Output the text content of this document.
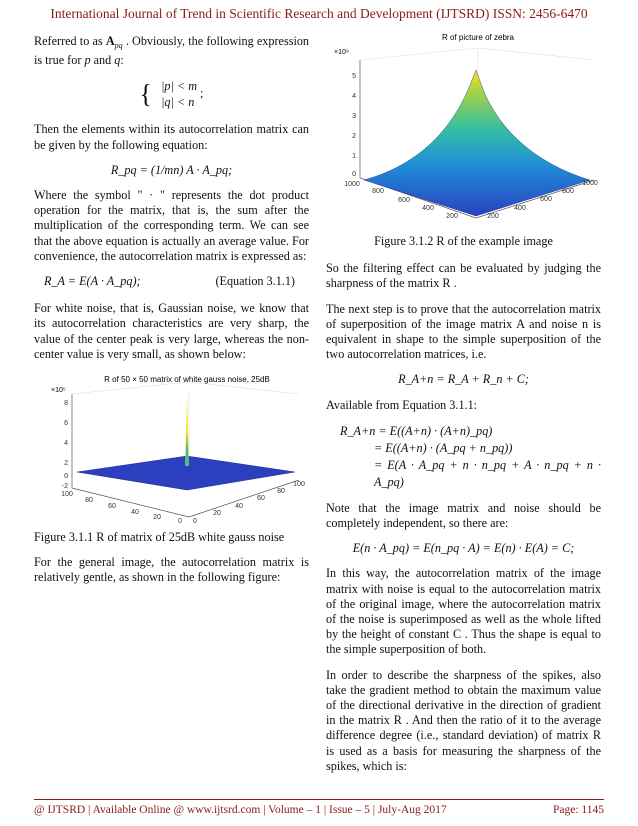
International Journal of Trend in Scientific Research and Development (IJTSRD) ISSN: 2456-6470

Referred to as $A_{pq}$ . Obviously, the following expression is true for p and q:

{ |p| < m
|q| < n ;

Then the elements within its autocorrelation matrix can be given by the following equation:

R_pq = (1/mn) A · A_pq;

Where the symbol " · " represents the dot product operation for the matrix, that is, the sum after the multiplication of the corresponding term. We can see that the above equation is actually an average value. For convenience, the autocorrelation matrix is expressed as:

R_A = E(A · A_pq);	(Equation 3.1.1)

For white noise, that is, Gaussian noise, we know that its autocorrelation characteristics are very sharp, the value of the center peak is very large, whereas the non-center value is very small, as shown below:

R of 50 × 50 matrix of white gauss noise, 25dB
×10⁵
8
6
4
2
0
-2
100
80
60
40
20
0 0
20
40
60
80
100

Figure 3.1.1 R of matrix of 25dB white gauss noise

For the general image, the autocorrelation matrix is relatively gentle, as shown in the following figure:

R of picture of zebra
×10⁹
5
4
3
2
1
0
1000
800
600
400
200	200
400
600
800
1000

Figure 3.1.2 R of the example image

So the filtering effect can be evaluated by judging the sharpness of the matrix R .

The next step is to prove that the autocorrelation matrix of superposition of the image matrix A and noise n is equivalent in shape to the simple superposition of the two autocorrelation matrices, i.e.

R_A+n = R_A + R_n + C;

Available from Equation 3.1.1:

R_A+n = E((A+n) · (A+n)_pq)
= E((A+n) · (A_pq + n_pq))
= E(A · A_pq + n · n_pq + A · n_pq + n · A_pq)

Note that the image matrix and noise should be completely independent, so there are:

E(n · A_pq) = E(n_pq · A) = E(n) · E(A) = C;

In this way, the autocorrelation matrix of the image matrix with noise is equal to the autocorrelation matrix of the original image, where the autocorrelation matrix of the noise is superimposed as well as the whole lifted by the height of constant C . Thus the shape is equal to the simple superposition of both.

In order to describe the sharpness of the spikes, also take the gradient method to obtain the maximum value of the directional derivative in the direction of gradient in the matrix R . And then the ratio of it to the average difference degree (i.e., standard deviation) of matrix R is used as a basis for measuring the sharpness of the spikes, which is:

@ IJTSRD | Available Online @ www.ijtsrd.com | Volume – 1 | Issue – 5 | July-Aug 2017	Page: 1145
